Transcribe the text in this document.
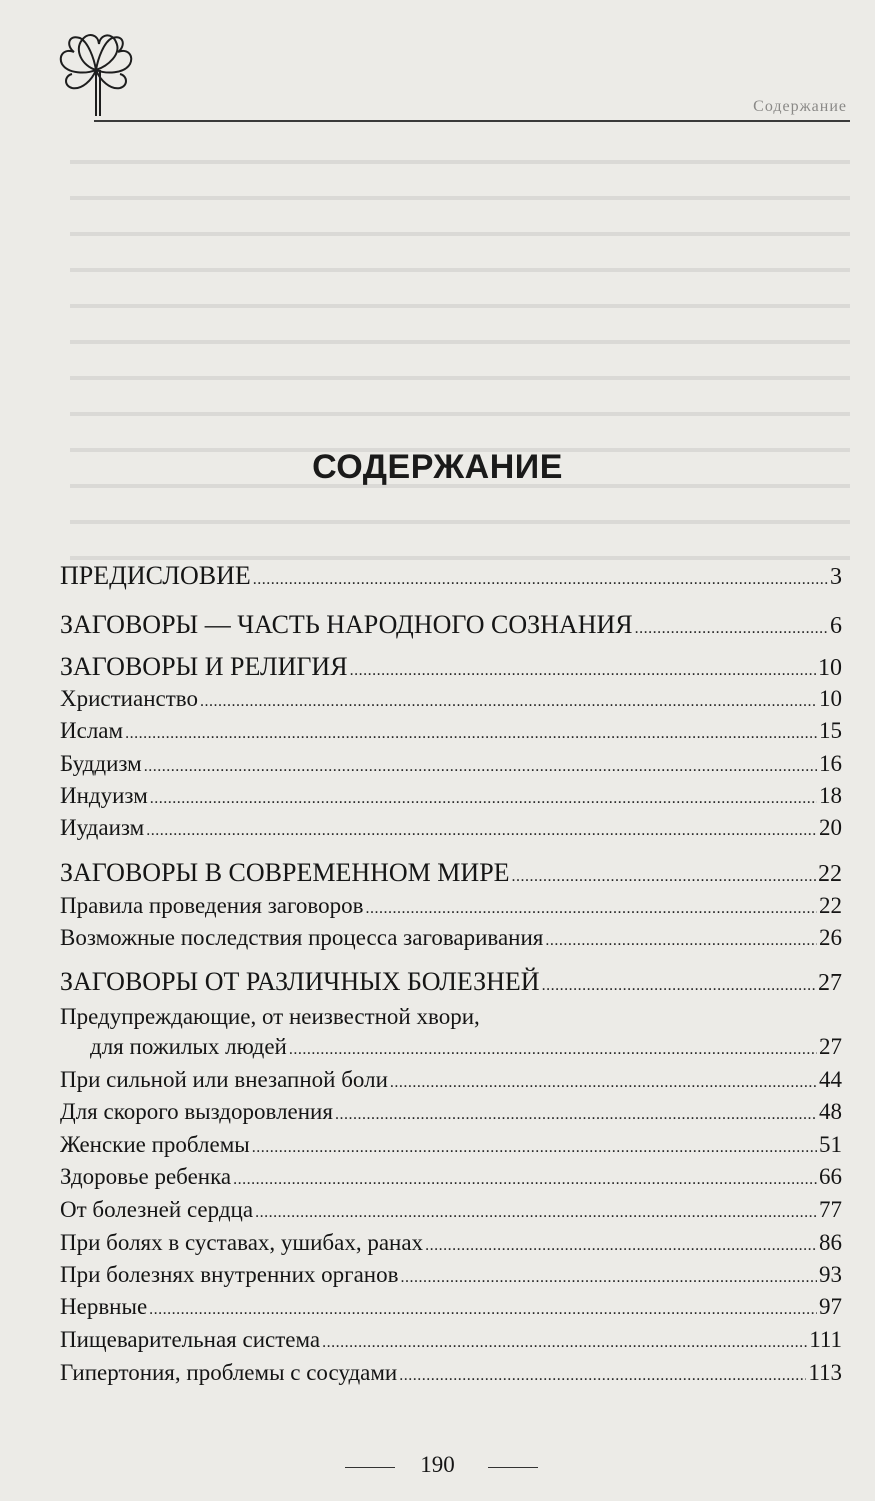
Содержание
СОДЕРЖАНИЕ
ПРЕДИСЛОВИЕ .....	3
ЗАГОВОРЫ — ЧАСТЬ НАРОДНОГО СОЗНАНИЯ .....	6
ЗАГОВОРЫ И РЕЛИГИЯ .....	10
Христианство .....	10
Ислам .....	15
Буддизм .....	16
Индуизм .....	18
Иудаизм .....	20
ЗАГОВОРЫ В СОВРЕМЕННОМ МИРЕ .....	22
Правила проведения заговоров .....	22
Возможные последствия процесса заговаривания .....	26
ЗАГОВОРЫ ОТ РАЗЛИЧНЫХ БОЛЕЗНЕЙ .....	27
Предупреждающие, от неизвестной хвори,
для пожилых людей .....	27
При сильной или внезапной боли .....	44
Для скорого выздоровления .....	48
Женские проблемы .....	51
Здоровье ребенка .....	66
От болезней сердца .....	77
При болях в суставах, ушибах, ранах .....	86
При болезнях внутренних органов .....	93
Нервные .....	97
Пищеварительная система .....	111
Гипертония, проблемы с сосудами .....	113
190
